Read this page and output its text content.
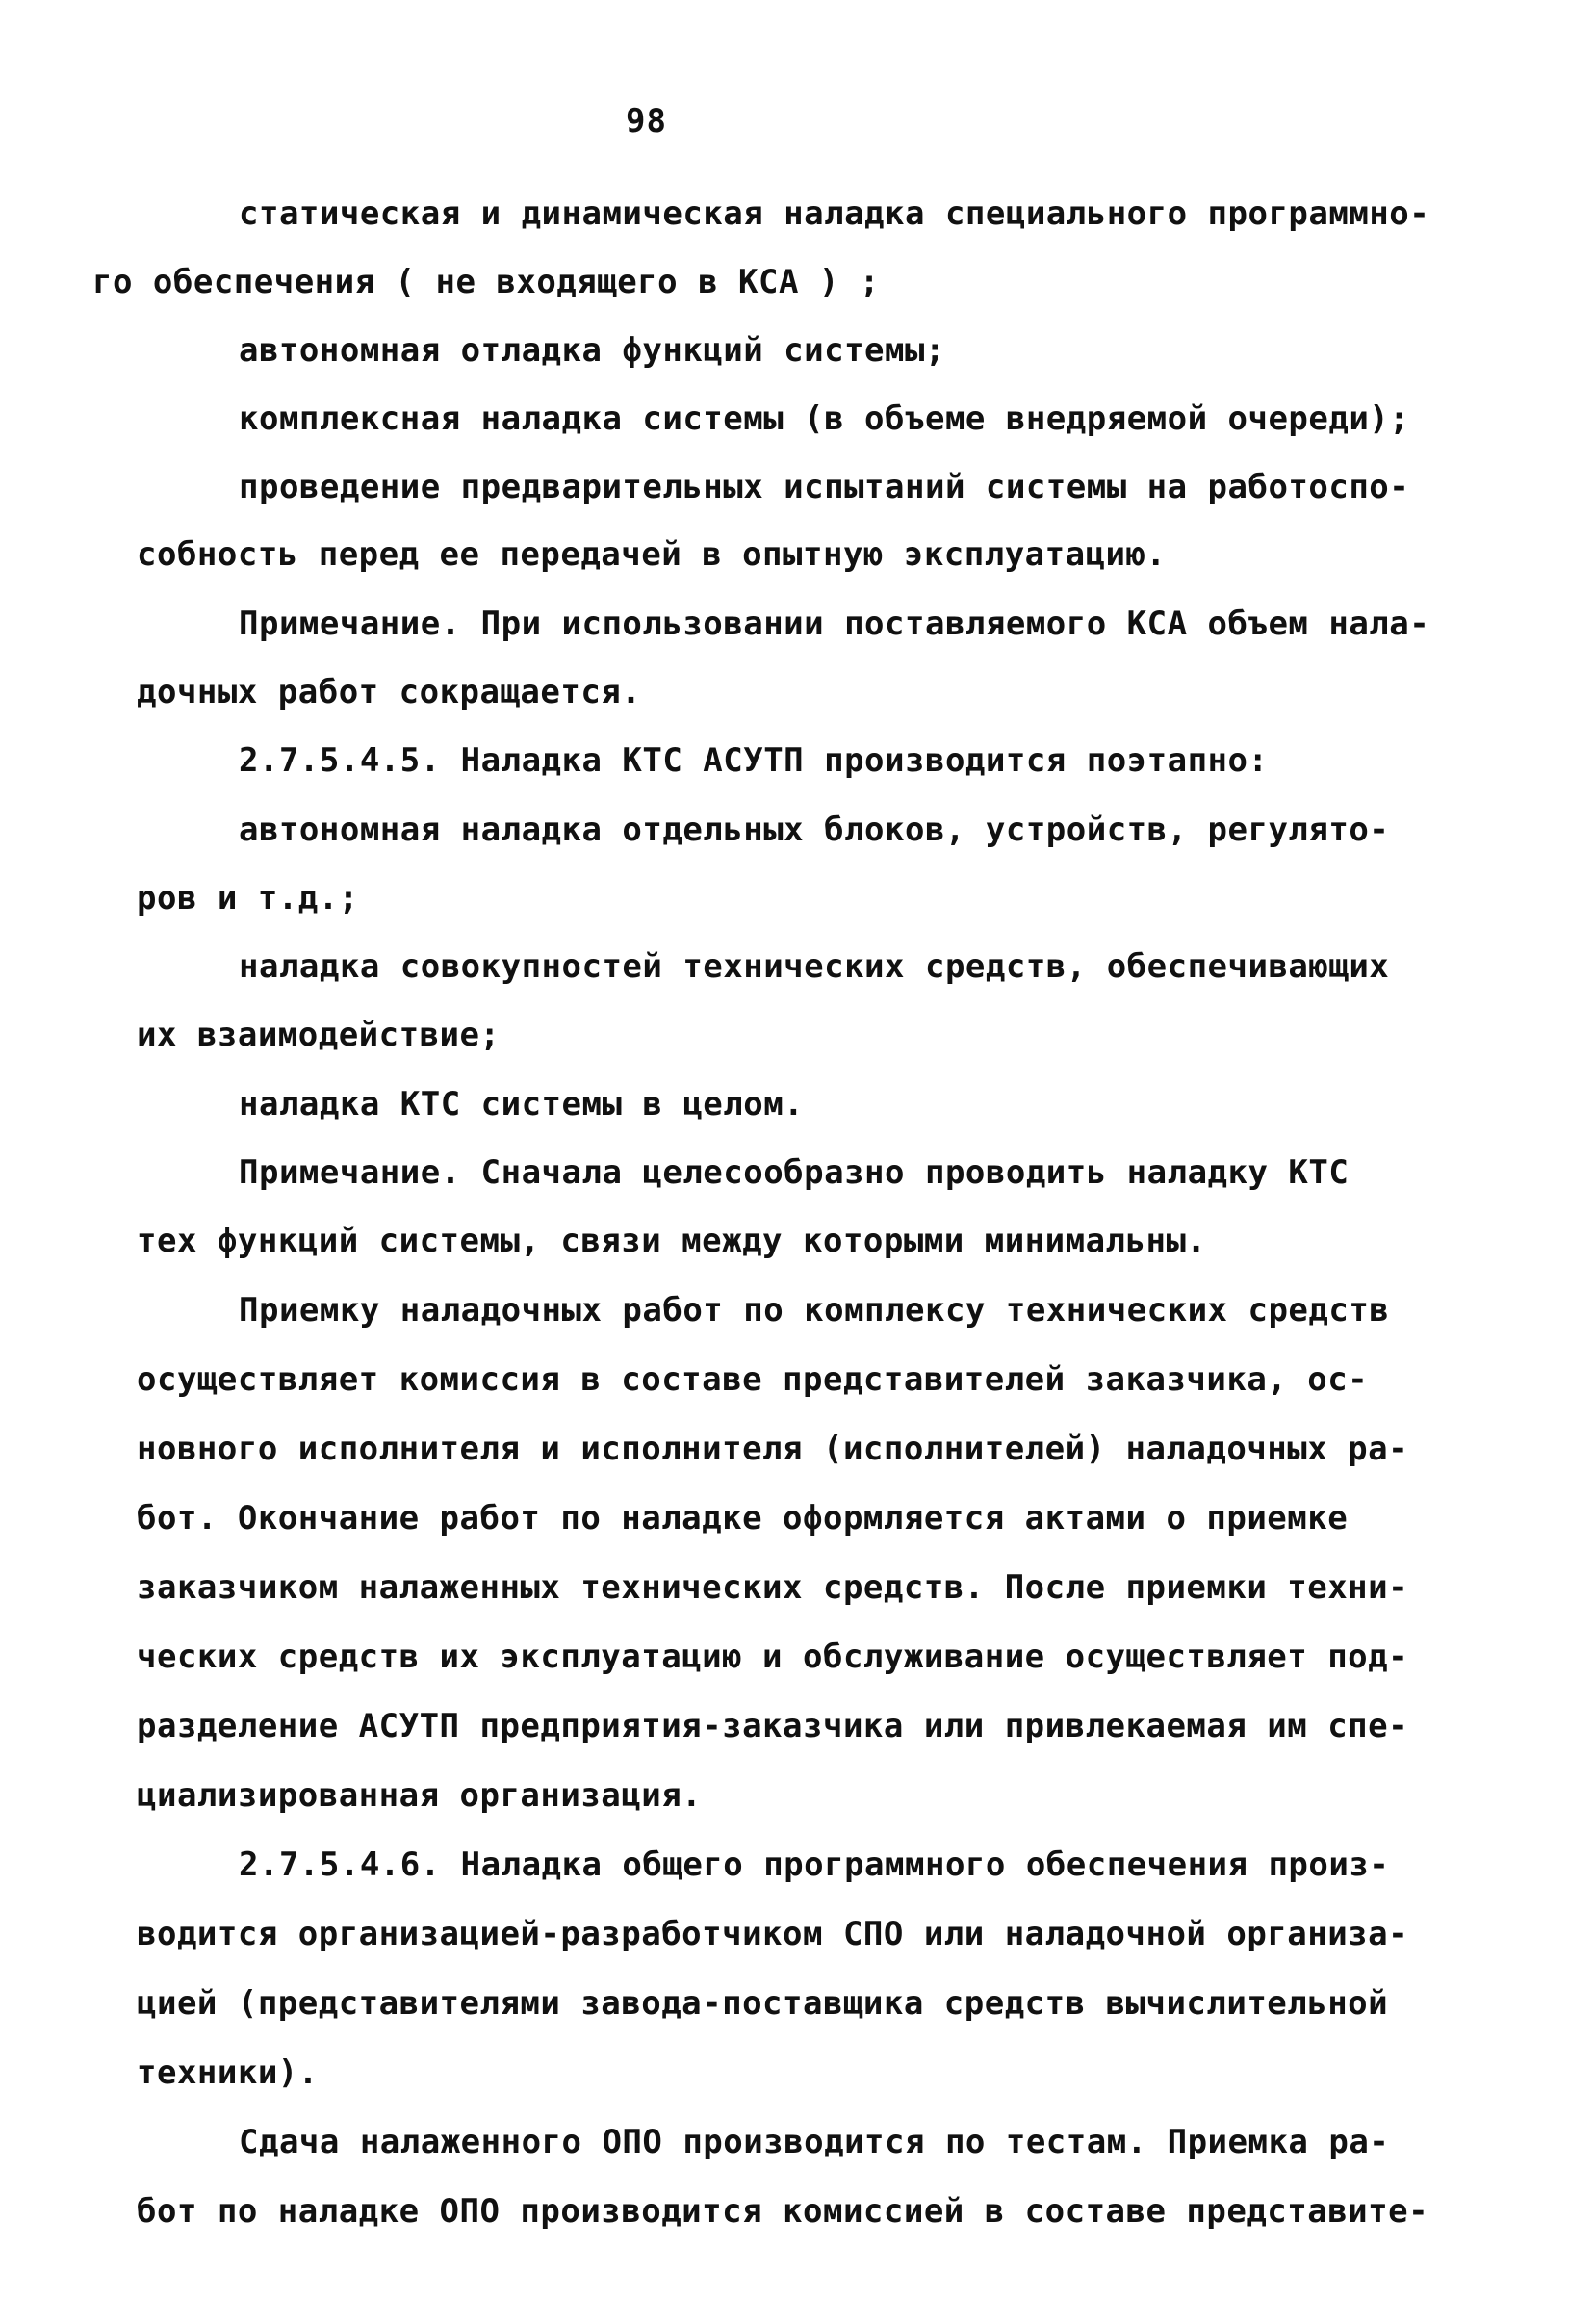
98
статическая и динамическая наладка специального программно-
го обеспечения ( не входящего в КСА ) ;
автономная отладка функций системы;
комплексная наладка системы (в объеме внедряемой очереди);
проведение предварительных испытаний системы на работоспо-
собность перед ее передачей в опытную эксплуатацию.
Примечание. При использовании поставляемого КСА объем нала-
дочных работ сокращается.
2.7.5.4.5. Наладка КТС АСУТП производится поэтапно:
автономная наладка отдельных блоков, устройств, регулято-
ров и т.д.;
наладка совокупностей технических средств, обеспечивающих
их взаимодействие;
наладка КТС системы в целом.
Примечание. Сначала целесообразно проводить наладку КТС
тех функций системы, связи между которыми минимальны.
Приемку наладочных работ по комплексу технических средств
осуществляет комиссия в составе представителей заказчика, ос-
новного исполнителя и исполнителя (исполнителей) наладочных ра-
бот. Окончание работ по наладке оформляется актами о приемке
заказчиком налаженных технических средств. После приемки техни-
ческих средств их эксплуатацию и обслуживание осуществляет под-
разделение АСУТП предприятия-заказчика или привлекаемая им спе-
циализированная организация.
2.7.5.4.6. Наладка общего программного обеспечения произ-
водится организацией-разработчиком СПО или наладочной организа-
цией (представителями завода-поставщика средств вычислительной
техники).
Сдача налаженного ОПО производится по тестам. Приемка ра-
бот по наладке ОПО производится комиссией в составе представите-
